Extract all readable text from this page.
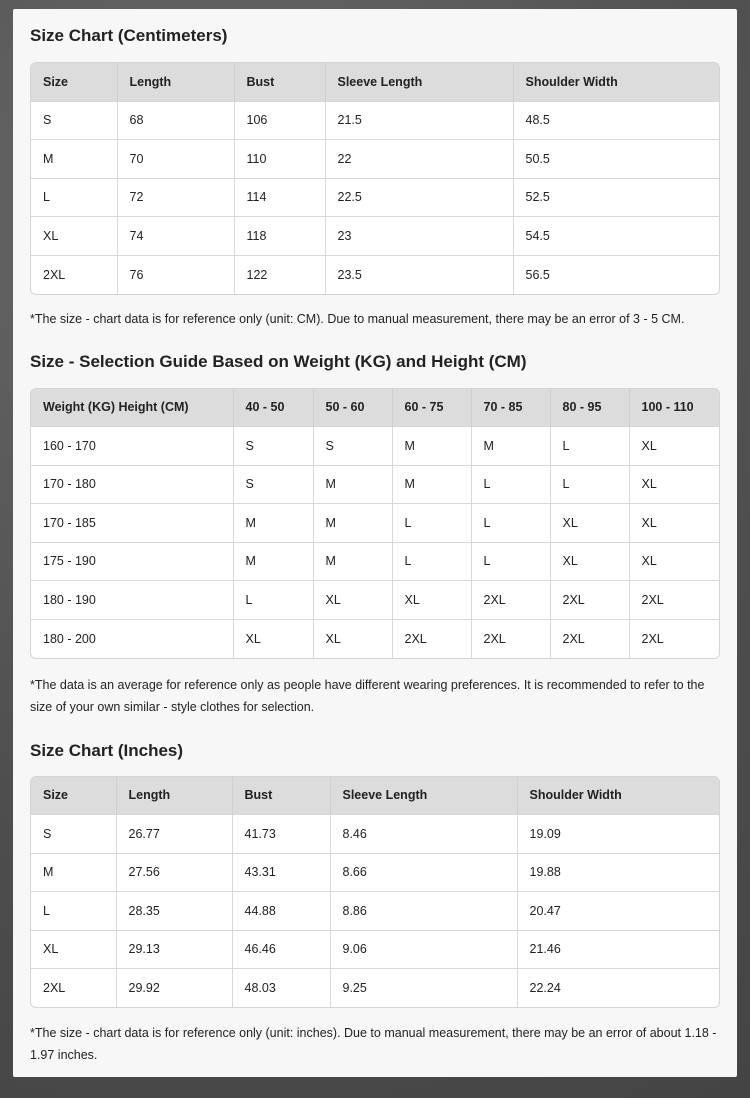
Size Chart (Centimeters)
Size	Length	Bust	Sleeve Length	Shoulder Width
S	68	106	21.5	48.5
M	70	110	22	50.5
L	72	114	22.5	52.5
XL	74	118	23	54.5
2XL	76	122	23.5	56.5
*The size - chart data is for reference only (unit: CM). Due to manual measurement, there may be an error of 3 - 5 CM.
Size - Selection Guide Based on Weight (KG) and Height (CM)
Weight (KG) Height (CM)	40 - 50	50 - 60	60 - 75	70 - 85	80 - 95	100 - 110
160 - 170	S	S	M	M	L	XL
170 - 180	S	M	M	L	L	XL
170 - 185	M	M	L	L	XL	XL
175 - 190	M	M	L	L	XL	XL
180 - 190	L	XL	XL	2XL	2XL	2XL
180 - 200	XL	XL	2XL	2XL	2XL	2XL
*The data is an average for reference only as people have different wearing preferences. It is recommended to refer to the size of your own similar - style clothes for selection.
Size Chart (Inches)
Size	Length	Bust	Sleeve Length	Shoulder Width
S	26.77	41.73	8.46	19.09
M	27.56	43.31	8.66	19.88
L	28.35	44.88	8.86	20.47
XL	29.13	46.46	9.06	21.46
2XL	29.92	48.03	9.25	22.24
*The size - chart data is for reference only (unit: inches). Due to manual measurement, there may be an error of about 1.18 - 1.97 inches.
